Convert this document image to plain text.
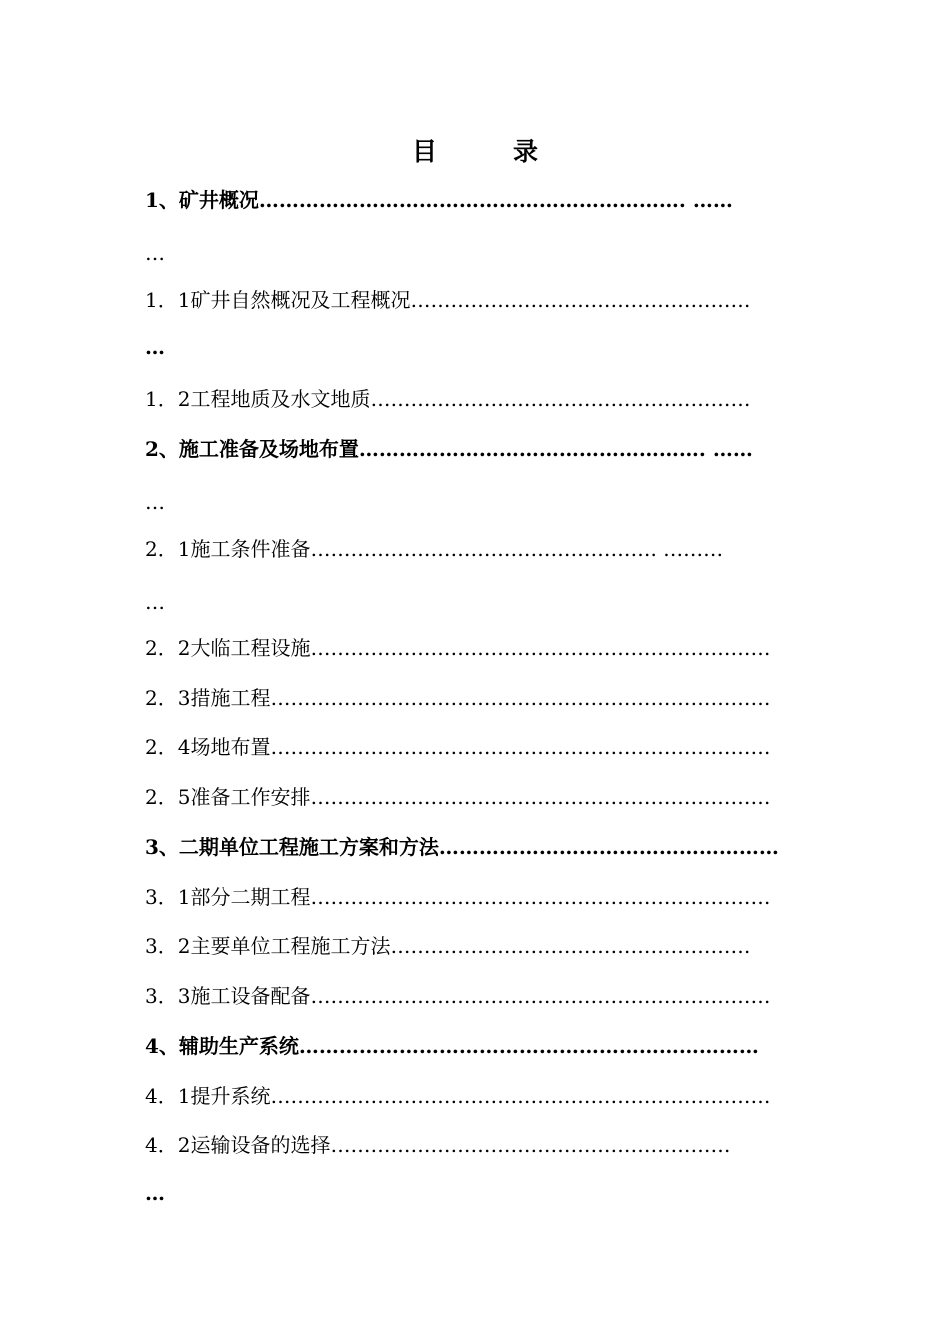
目	录
1、矿井概况………………………………………………………. ……
…
1．1矿井自然概况及工程概况……………………………………………
…
1．2工程地质及水文地质…………………………………………………
2、施工准备及场地布置……………………………………………. ……
…
2．1施工条件准备……………………………………………. ………
…
2．2大临工程设施……………………………………………………………
2．3措施工程…………………………………………………………………
2．4场地布置…………………………………………………………………
2．5准备工作安排……………………………………………………………
3、二期单位工程施工方案和方法……………………………………………
3．1部分二期工程……………………………………………………………
3．2主要单位工程施工方法………………………………………………
3．3施工设备配备……………………………………………………………
4、辅助生产系统……………………………………………………………
4．1提升系统…………………………………………………………………
4．2运输设备的选择……………………………………………………
…
